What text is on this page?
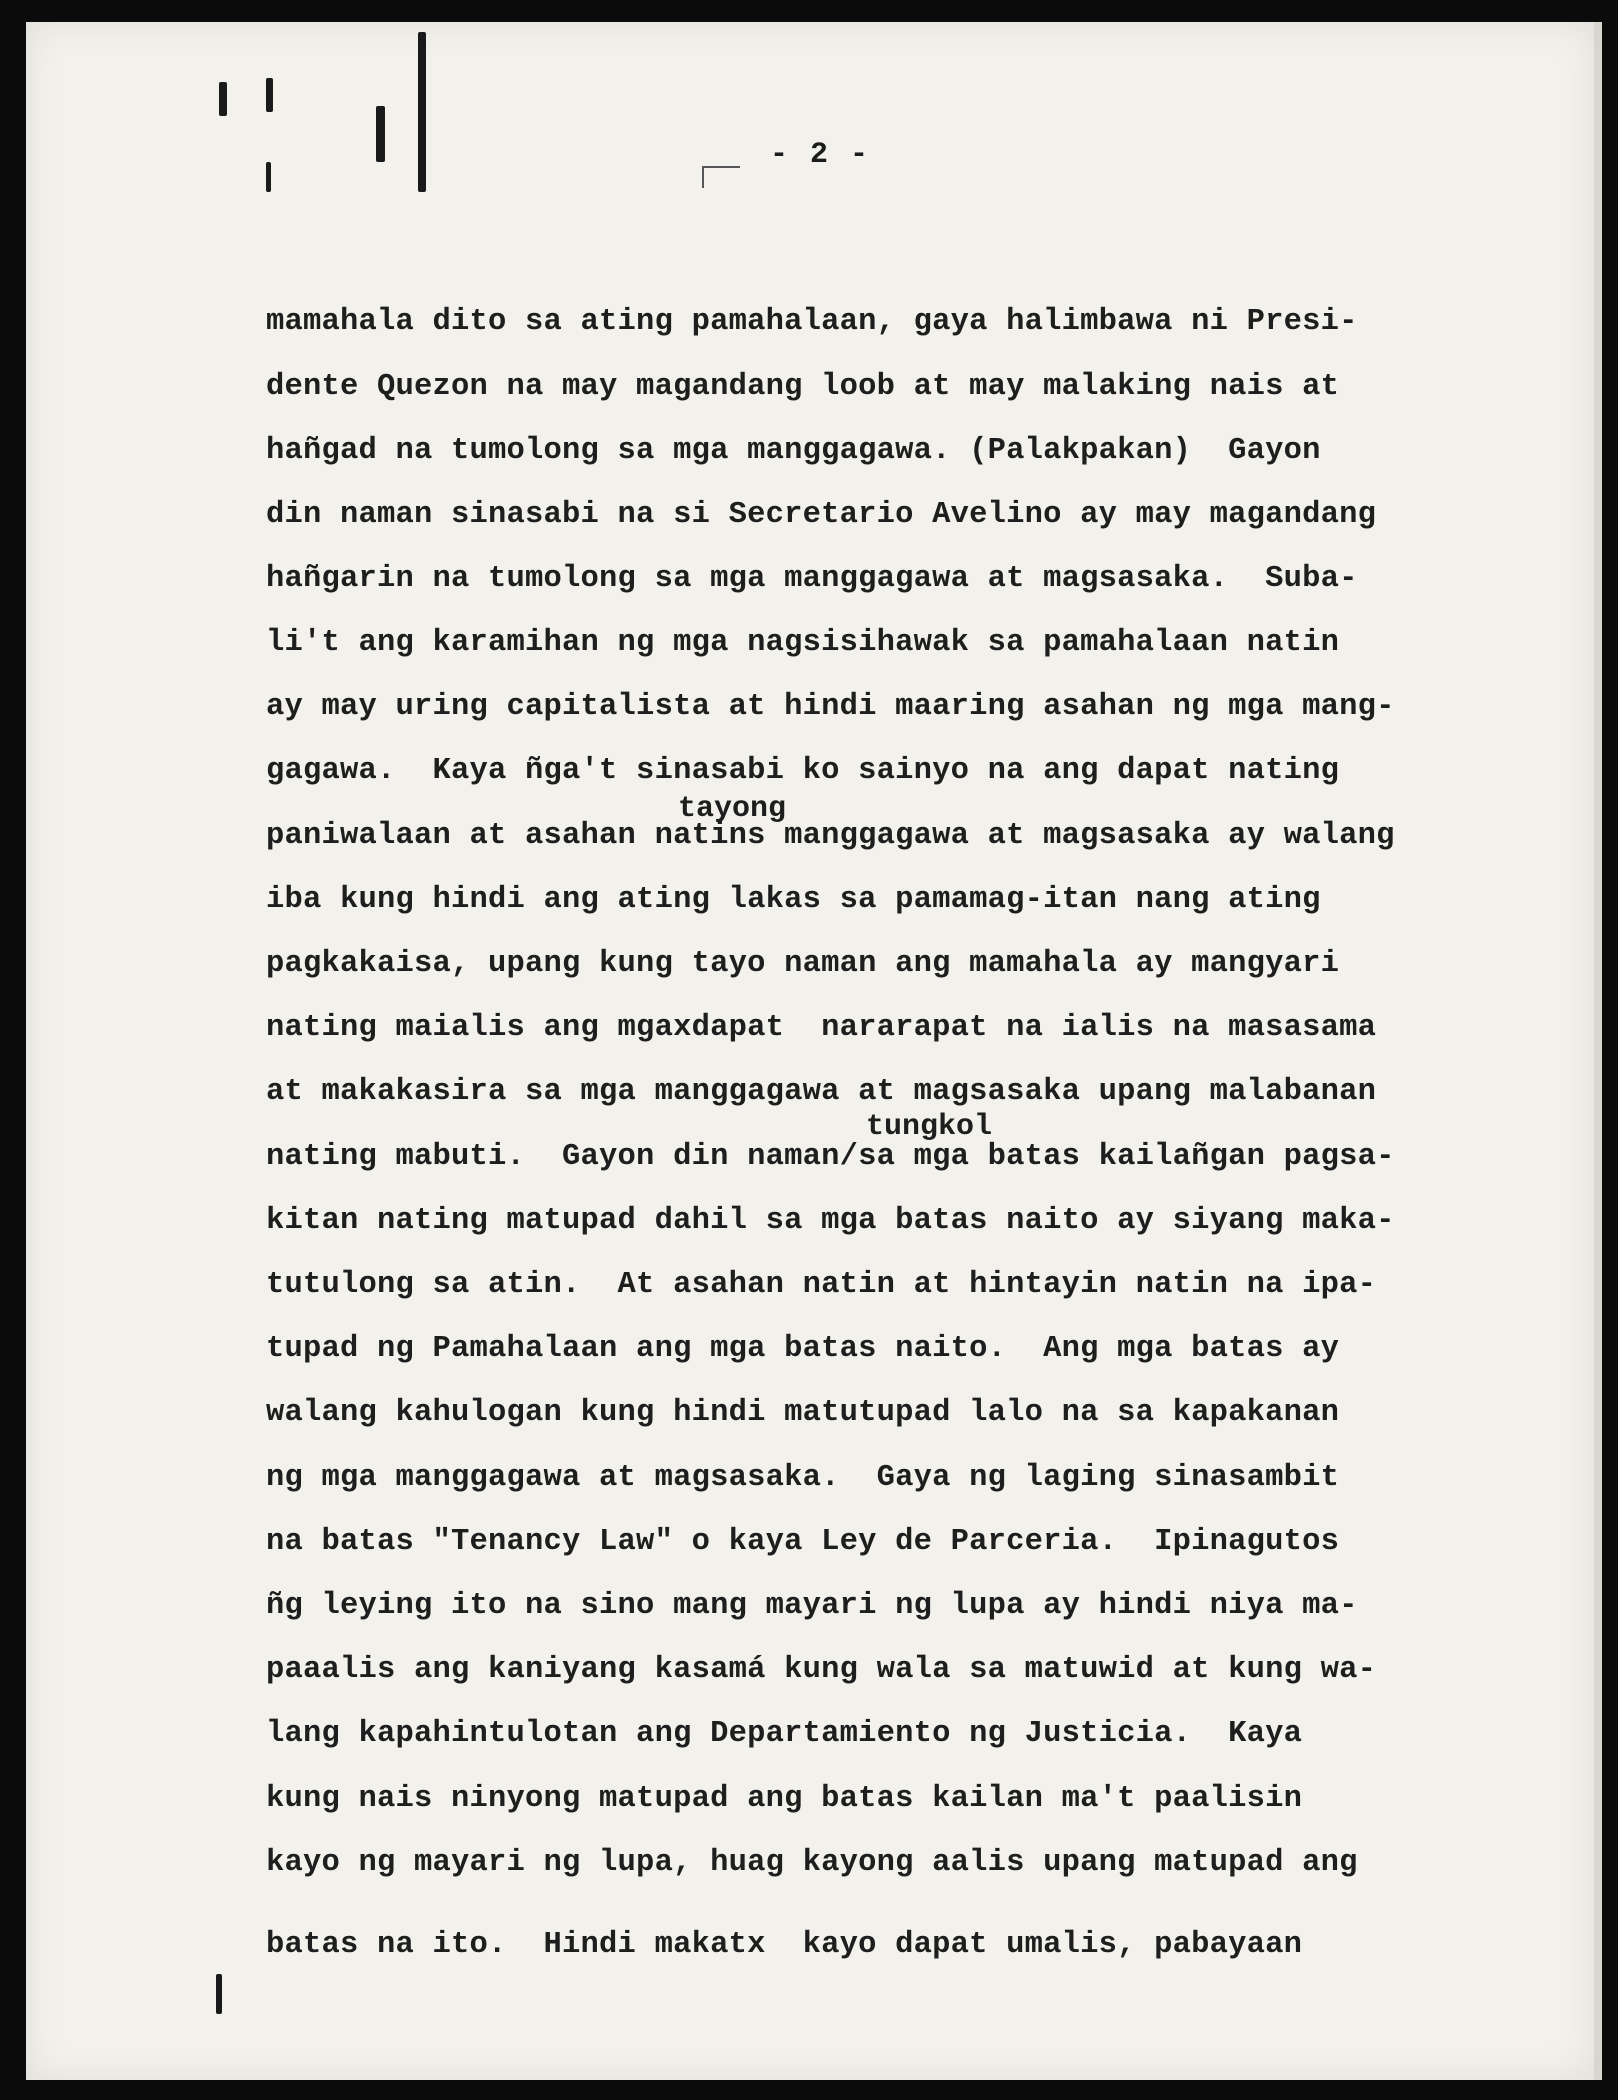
- 2 -
tayong
tungkol
mamahala dito sa ating pamahalaan, gaya halimbawa ni Presi-
dente Quezon na may magandang loob at may malaking nais at
hañgad na tumolong sa mga manggagawa. (Palakpakan)  Gayon
din naman sinasabi na si Secretario Avelino ay may magandang
hañgarin na tumolong sa mga manggagawa at magsasaka.  Suba-
li't ang karamihan ng mga nagsisihawak sa pamahalaan natin
ay may uring capitalista at hindi maaring asahan ng mga mang-
gagawa.  Kaya ñga't sinasabi ko sainyo na ang dapat nating
paniwalaan at asahan natins manggagawa at magsasaka ay walang
iba kung hindi ang ating lakas sa pamamag-itan nang ating
pagkakaisa, upang kung tayo naman ang mamahala ay mangyari
nating maialis ang mgaxdapat  nararapat na ialis na masasama
at makakasira sa mga manggagawa at magsasaka upang malabanan
nating mabuti.  Gayon din naman/sa mga batas kailañgan pagsa-
kitan nating matupad dahil sa mga batas naito ay siyang maka-
tutulong sa atin.  At asahan natin at hintayin natin na ipa-
tupad ng Pamahalaan ang mga batas naito.  Ang mga batas ay
walang kahulogan kung hindi matutupad lalo na sa kapakanan
ng mga manggagawa at magsasaka.  Gaya ng laging sinasambit
na batas "Tenancy Law" o kaya Ley de Parceria.  Ipinagutos
ñg leying ito na sino mang mayari ng lupa ay hindi niya ma-
paaalis ang kaniyang kasamá kung wala sa matuwid at kung wa-
lang kapahintulotan ang Departamiento ng Justicia.  Kaya
kung nais ninyong matupad ang batas kailan ma't paalisin
kayo ng mayari ng lupa, huag kayong aalis upang matupad ang
batas na ito.  Hindi makatx  kayo dapat umalis, pabayaan
